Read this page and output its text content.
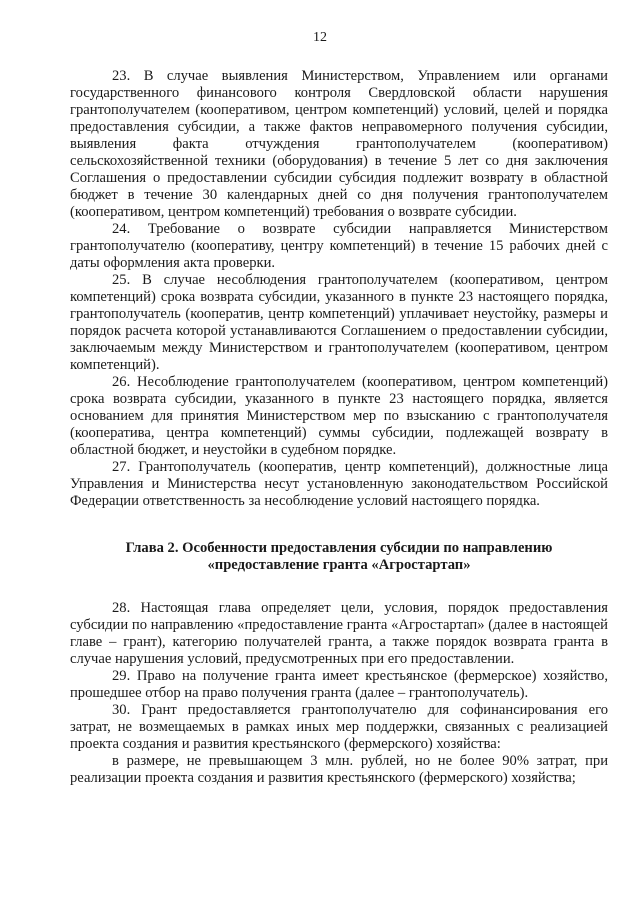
12

23. В случае выявления Министерством, Управлением или органами государственного финансового контроля Свердловской области нарушения грантополучателем (кооперативом, центром компетенций) условий, целей и порядка предоставления субсидии, а также фактов неправомерного получения субсидии, выявления факта отчуждения грантополучателем (кооперативом) сельскохозяйственной техники (оборудования) в течение 5 лет со дня заключения Соглашения о предоставлении субсидии субсидия подлежит возврату в областной бюджет в течение 30 календарных дней со дня получения грантополучателем (кооперативом, центром компетенций) требования о возврате субсидии.

24. Требование о возврате субсидии направляется Министерством грантополучателю (кооперативу, центру компетенций) в течение 15 рабочих дней с даты оформления акта проверки.

25. В случае несоблюдения грантополучателем (кооперативом, центром компетенций) срока возврата субсидии, указанного в пункте 23 настоящего порядка, грантополучатель (кооператив, центр компетенций) уплачивает неустойку, размеры и порядок расчета которой устанавливаются Соглашением о предоставлении субсидии, заключаемым между Министерством и грантополучателем (кооперативом, центром компетенций).

26. Несоблюдение грантополучателем (кооперативом, центром компетенций) срока возврата субсидии, указанного в пункте 23 настоящего порядка, является основанием для принятия Министерством мер по взысканию с грантополучателя (кооператива, центра компетенций) суммы субсидии, подлежащей возврату в областной бюджет, и неустойки в судебном порядке.

27. Грантополучатель (кооператив, центр компетенций), должностные лица Управления и Министерства несут установленную законодательством Российской Федерации ответственность за несоблюдение условий настоящего порядка.

Глава 2. Особенности предоставления субсидии по направлению
«предоставление гранта «Агростартап»

28. Настоящая глава определяет цели, условия, порядок предоставления субсидии по направлению «предоставление гранта «Агростартап» (далее в настоящей главе – грант), категорию получателей гранта, а также порядок возврата гранта в случае нарушения условий, предусмотренных при его предоставлении.

29. Право на получение гранта имеет крестьянское (фермерское) хозяйство, прошедшее отбор на право получения гранта (далее – грантополучатель).

30. Грант предоставляется грантополучателю для софинансирования его затрат, не возмещаемых в рамках иных мер поддержки, связанных с реализацией проекта создания и развития крестьянского (фермерского) хозяйства:

в размере, не превышающем 3 млн. рублей, но не более 90% затрат, при реализации проекта создания и развития крестьянского (фермерского) хозяйства;
